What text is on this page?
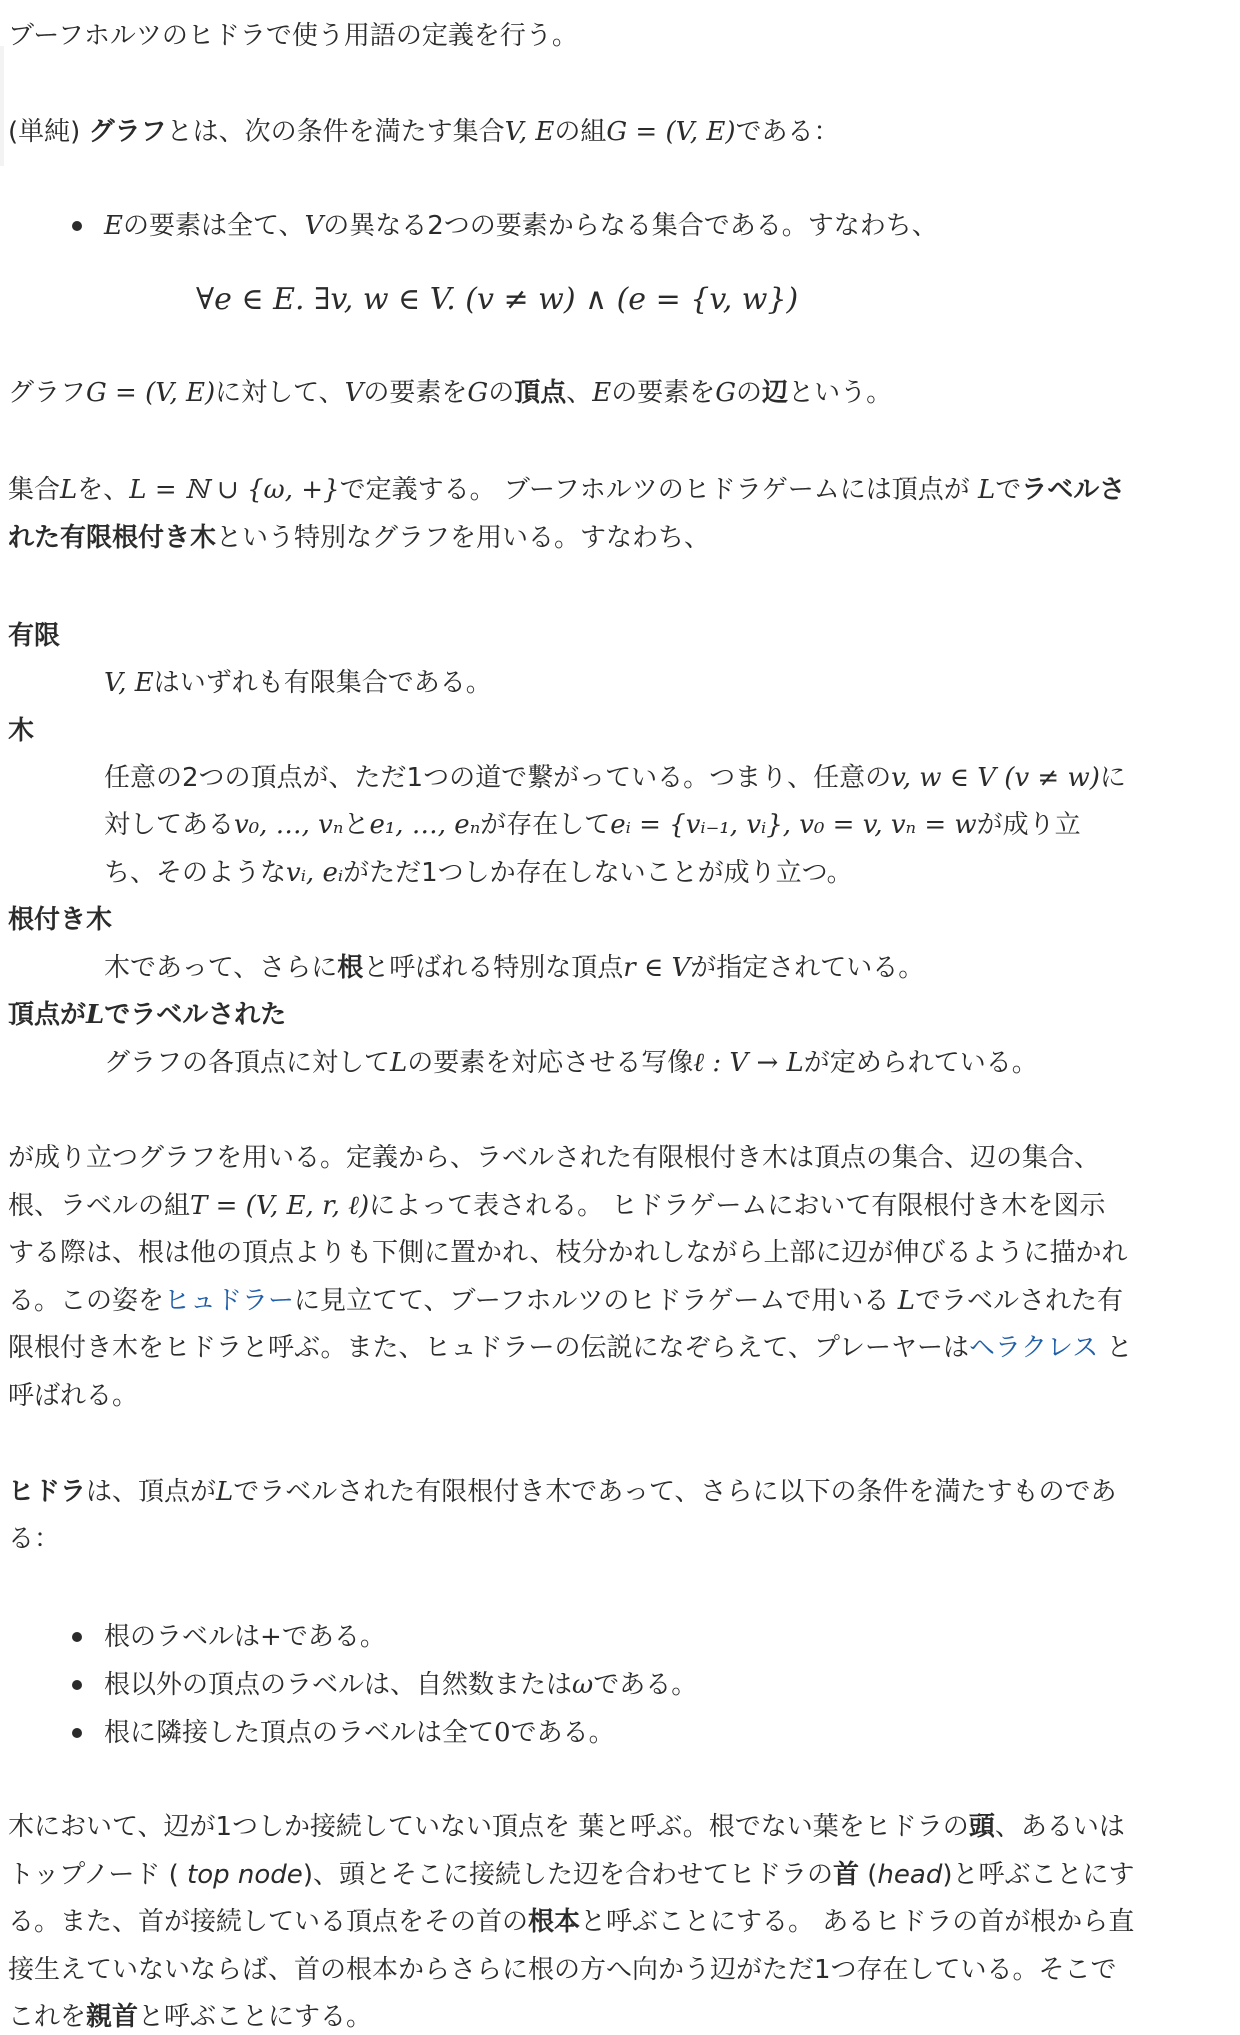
ブーフホルツのヒドラで使う用語の定義を行う。
(単純) グラフとは、次の条件を満たす集合V, Eの組G = (V, E)である：
Eの要素は全て、Vの異なる2つの要素からなる集合である。すなわち、
∀e ∈ E. ∃v, w ∈ V. (v ≠ w) ∧ (e = {v, w})
グラフG = (V, E)に対して、Vの要素をGの頂点、Eの要素をGの辺という。
集合Lを、L = ℕ ∪ {ω, +}で定義する。 ブーフホルツのヒドラゲームには頂点が Lでラベルさ
れた有限根付き木という特別なグラフを用いる。すなわち、
有限
V, Eはいずれも有限集合である。
木
任意の2つの頂点が、ただ1つの道で繋がっている。つまり、任意のv, w ∈ V (v ≠ w)に
対してあるv₀, …, vₙとe₁, …, eₙが存在してeᵢ = {vᵢ₋₁, vᵢ}, v₀ = v, vₙ = wが成り立
ち、そのようなvᵢ, eᵢがただ1つしか存在しないことが成り立つ。
根付き木
木であって、さらに根と呼ばれる特別な頂点r ∈ Vが指定されている。
頂点がLでラベルされた
グラフの各頂点に対してLの要素を対応させる写像ℓ : V → Lが定められている。
が成り立つグラフを用いる。定義から、ラベルされた有限根付き木は頂点の集合、辺の集合、
根、ラベルの組T = (V, E, r, ℓ)によって表される。 ヒドラゲームにおいて有限根付き木を図示
する際は、根は他の頂点よりも下側に置かれ、枝分かれしながら上部に辺が伸びるように描かれ
る。この姿をヒュドラーに見立てて、ブーフホルツのヒドラゲームで用いる Lでラベルされた有
限根付き木をヒドラと呼ぶ。また、ヒュドラーの伝説になぞらえて、プレーヤーはヘラクレス と
呼ばれる。
ヒドラは、頂点がLでラベルされた有限根付き木であって、さらに以下の条件を満たすものであ
る：
根のラベルは+である。
根以外の頂点のラベルは、自然数またはωである。
根に隣接した頂点のラベルは全て0である。
木において、辺が1つしか接続していない頂点を 葉と呼ぶ。根でない葉をヒドラの頭、あるいは
トップノード ( top node)、頭とそこに接続した辺を合わせてヒドラの首 (head)と呼ぶことにす
る。また、首が接続している頂点をその首の根本と呼ぶことにする。 あるヒドラの首が根から直
接生えていないならば、首の根本からさらに根の方へ向かう辺がただ1つ存在している。そこで
これを親首と呼ぶことにする。
